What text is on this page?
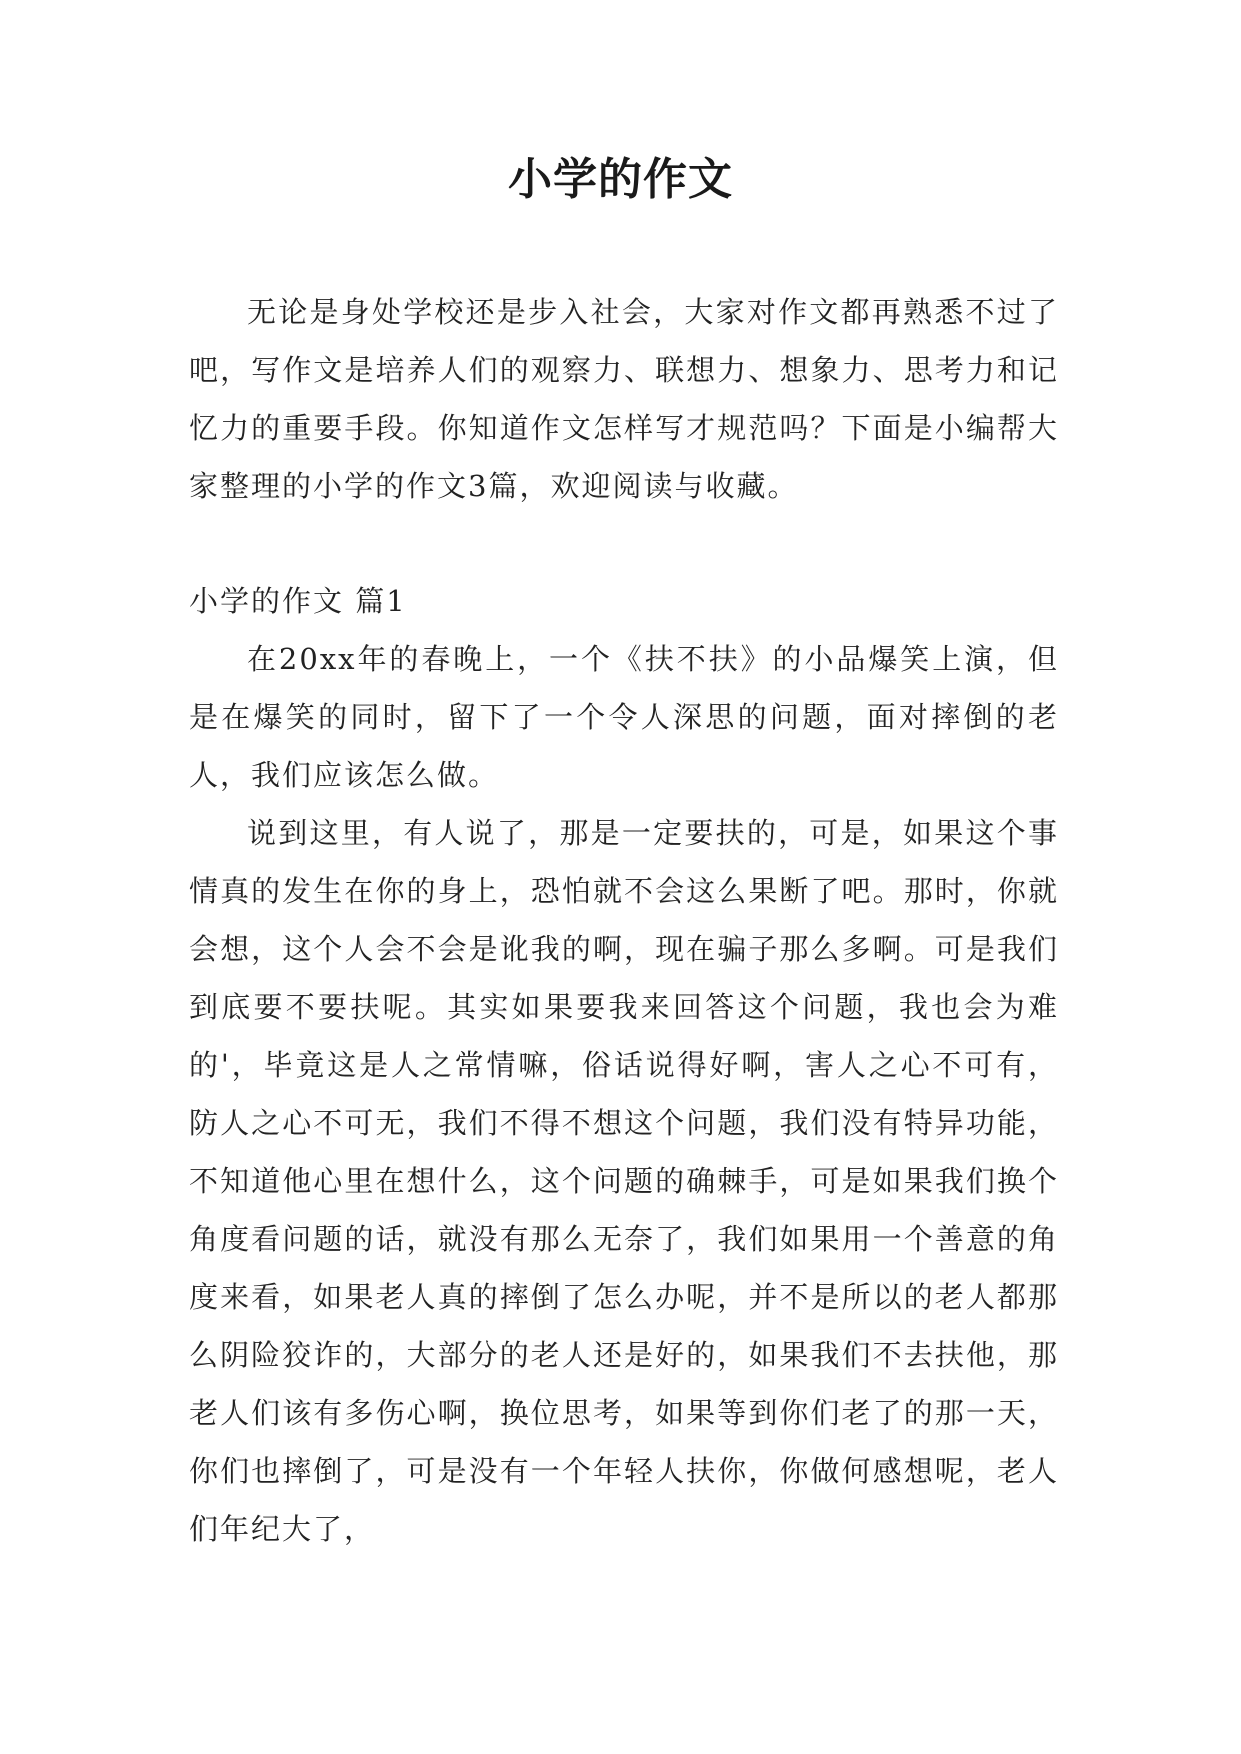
小学的作文

无论是身处学校还是步入社会，大家对作文都再熟悉不过了吧，写作文是培养人们的观察力、联想力、想象力、思考力和记忆力的重要手段。你知道作文怎样写才规范吗？下面是小编帮大家整理的小学的作文3篇，欢迎阅读与收藏。

小学的作文 篇1

在20xx年的春晚上，一个《扶不扶》的小品爆笑上演，但是在爆笑的同时，留下了一个令人深思的问题，面对摔倒的老人，我们应该怎么做。

说到这里，有人说了，那是一定要扶的，可是，如果这个事情真的发生在你的身上，恐怕就不会这么果断了吧。那时，你就会想，这个人会不会是讹我的啊，现在骗子那么多啊。可是我们到底要不要扶呢。其实如果要我来回答这个问题，我也会为难的'，毕竟这是人之常情嘛，俗话说得好啊，害人之心不可有，防人之心不可无，我们不得不想这个问题，我们没有特异功能，不知道他心里在想什么，这个问题的确棘手，可是如果我们换个角度看问题的话，就没有那么无奈了，我们如果用一个善意的角度来看，如果老人真的摔倒了怎么办呢，并不是所以的老人都那么阴险狡诈的，大部分的老人还是好的，如果我们不去扶他，那老人们该有多伤心啊，换位思考，如果等到你们老了的那一天，你们也摔倒了，可是没有一个年轻人扶你，你做何感想呢，老人们年纪大了，
